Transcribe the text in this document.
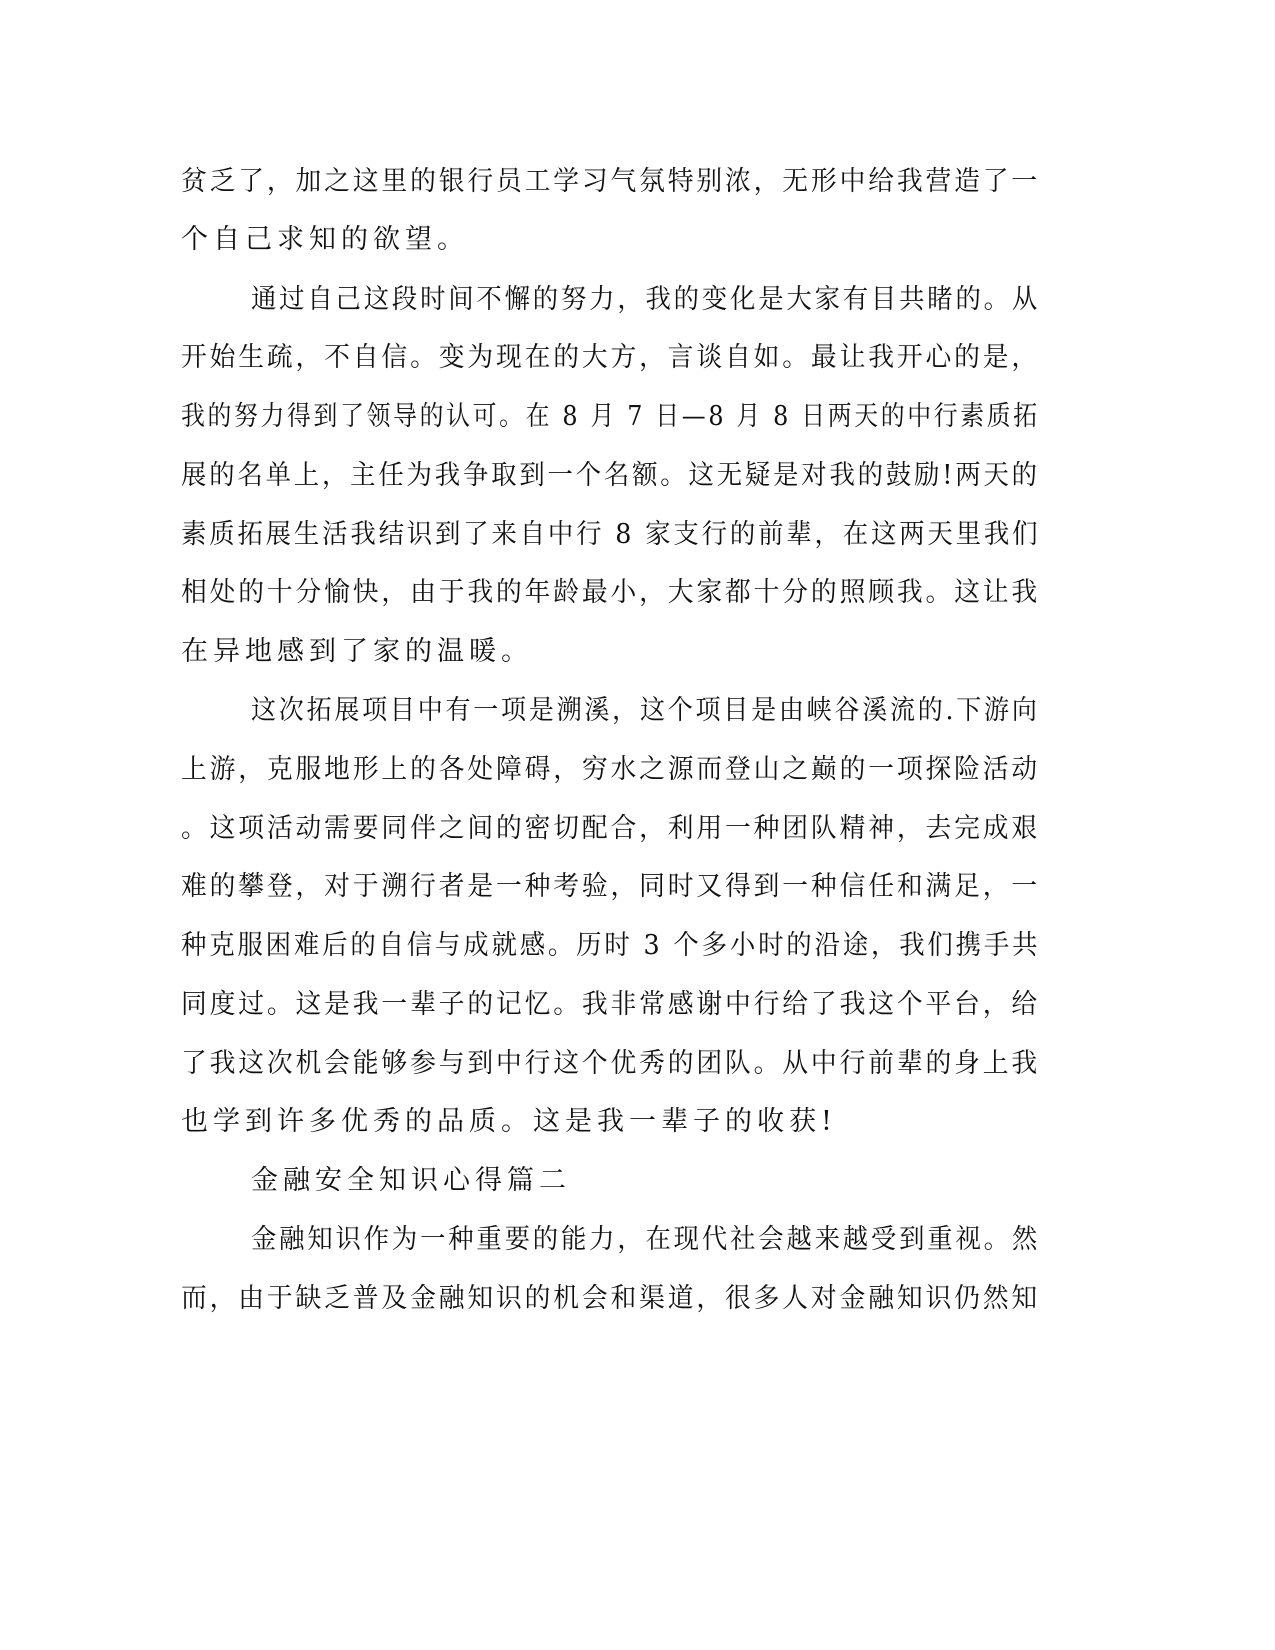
贫乏了，加之这里的银行员工学习气氛特别浓，无形中给我营造了一
个自己求知的欲望。
通过自己这段时间不懈的努力，我的变化是大家有目共睹的。从
开始生疏，不自信。变为现在的大方，言谈自如。最让我开心的是，
我的努力得到了领导的认可。在 8 月 7 日—8 月 8 日两天的中行素质拓
展的名单上，主任为我争取到一个名额。这无疑是对我的鼓励!两天的
素质拓展生活我结识到了来自中行 8 家支行的前辈，在这两天里我们
相处的十分愉快，由于我的年龄最小，大家都十分的照顾我。这让我
在异地感到了家的温暖。
这次拓展项目中有一项是溯溪，这个项目是由峡谷溪流的.下游向
上游，克服地形上的各处障碍，穷水之源而登山之巅的一项探险活动
。这项活动需要同伴之间的密切配合，利用一种团队精神，去完成艰
难的攀登，对于溯行者是一种考验，同时又得到一种信任和满足，一
种克服困难后的自信与成就感。历时 3 个多小时的沿途，我们携手共
同度过。这是我一辈子的记忆。我非常感谢中行给了我这个平台，给
了我这次机会能够参与到中行这个优秀的团队。从中行前辈的身上我
也学到许多优秀的品质。这是我一辈子的收获!
金融安全知识心得篇二
金融知识作为一种重要的能力，在现代社会越来越受到重视。然
而，由于缺乏普及金融知识的机会和渠道，很多人对金融知识仍然知
